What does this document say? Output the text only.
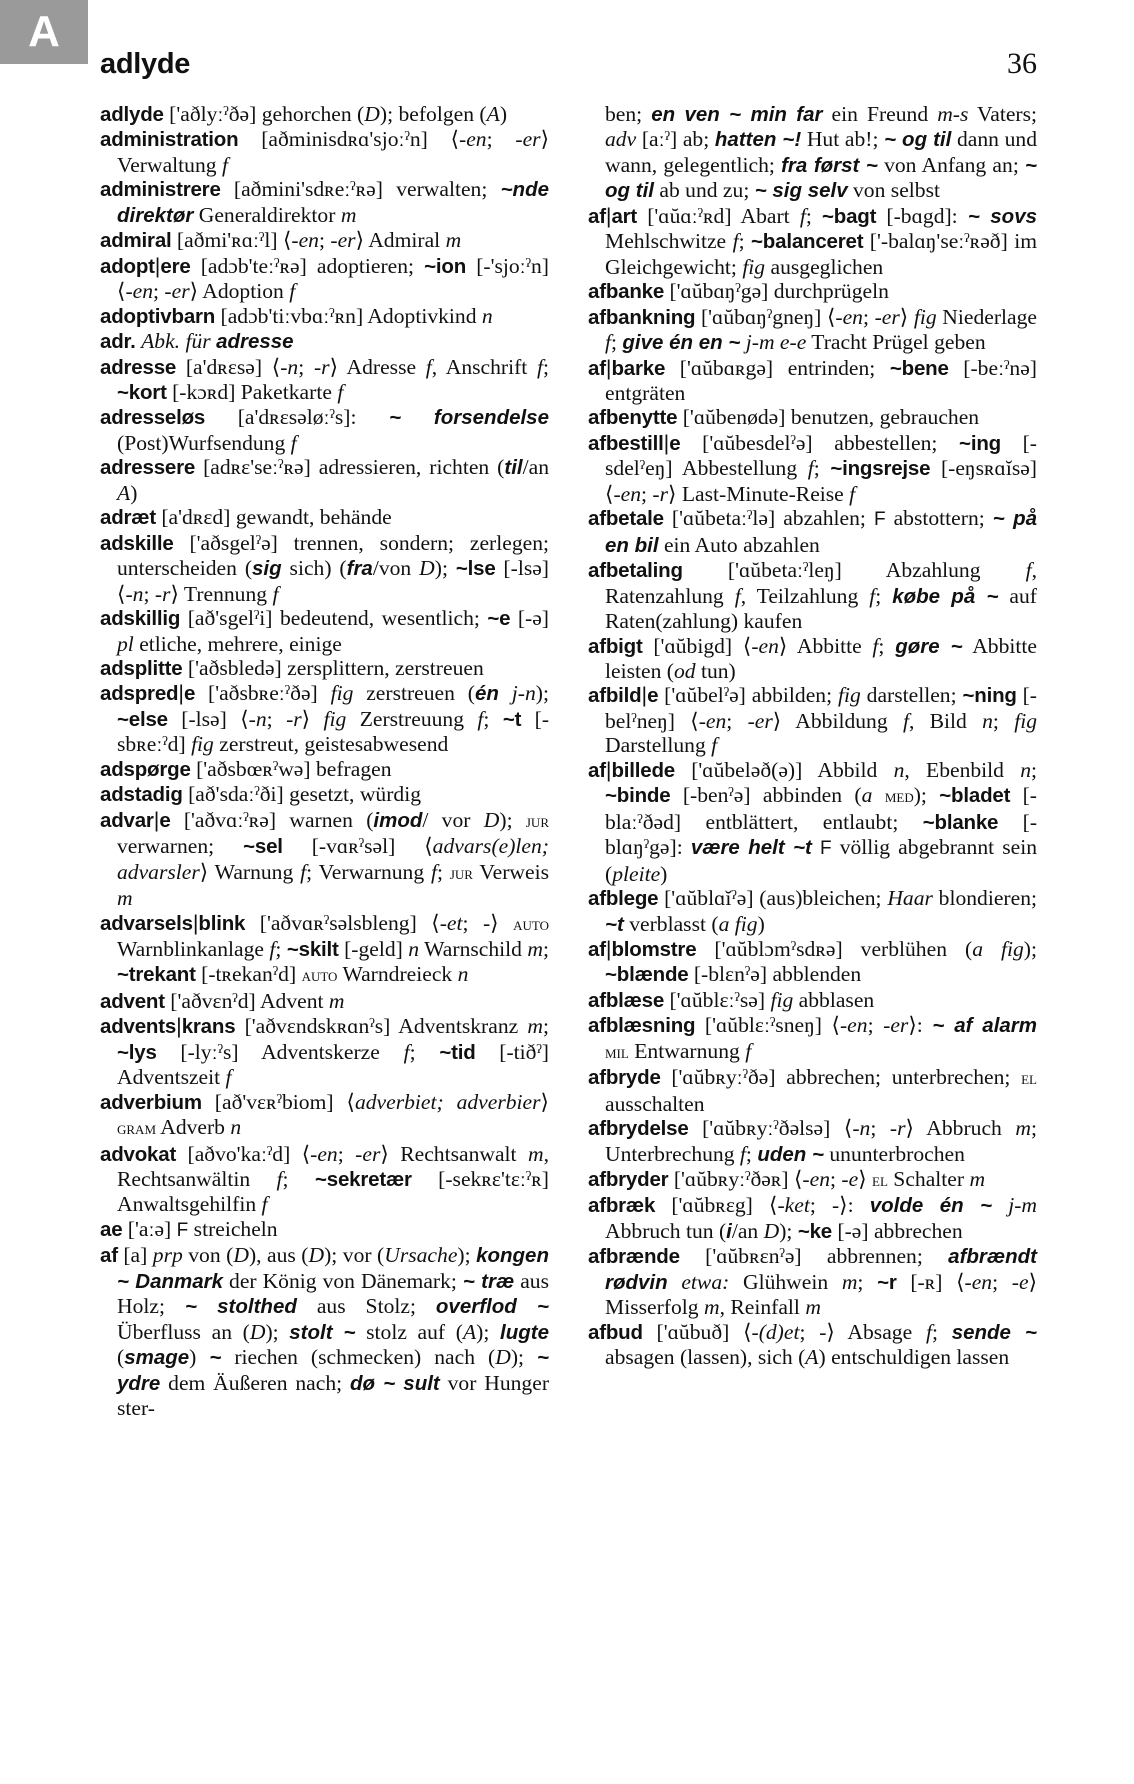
A
adlyde	36

adlyde ['aðlyːˀðə] gehorchen (D); befolgen (A)

administration [aðminisdʀɑ'sjoːˀn] ⟨-en; -er⟩ Verwaltung f

administrere [aðmini'sdʀeːˀʀə] verwalten; ~nde direktør Generaldirektor m

admiral [aðmi'ʀɑːˀl] ⟨-en; -er⟩ Admiral m

adopt|ere [adɔb'teːˀʀə] adoptieren; ~ion [-'sjoːˀn] ⟨-en; -er⟩ Adoption f

adoptivbarn [adɔb'tiːvbɑːˀʀn] Adoptivkind n

adr. Abk. für adresse

adresse [a'dʀɛsə] ⟨-n; -r⟩ Adresse f, Anschrift f; ~kort [-kɔʀd] Paketkarte f

adresseløs [a'dʀɛsəløːˀs]: ~ forsendelse (Post)Wurfsendung f

adressere [adʀɛ'seːˀʀə] adressieren, richten (til/an A)

adræt [a'dʀɛd] gewandt, behände

adskille ['aðsgelˀə] trennen, sondern; zerlegen; unterscheiden (sig sich) (fra/von D); ~lse [-lsə] ⟨-n; -r⟩ Trennung f

adskillig [að'sgelˀi] bedeutend, wesentlich; ~e [-ə] pl etliche, mehrere, einige

adsplitte ['aðsbledə] zersplittern, zerstreuen

adspred|e ['aðsbʀeːˀðə] fig zerstreuen (én j-n); ~else [-lsə] ⟨-n; -r⟩ fig Zerstreuung f; ~t [-sbʀeːˀd] fig zerstreut, geistesabwesend

adspørge ['aðsbœʀˀwə] befragen

adstadig [að'sdaːˀði] gesetzt, würdig

advar|e ['aðvɑːˀʀə] warnen (imod/ vor D); jur verwarnen; ~sel [-vɑʀˀsəl] ⟨advars(e)len; advarsler⟩ Warnung f; Verwarnung f; jur Verweis m

advarsels|blink ['aðvɑʀˀsəlsbleng] ⟨-et; -⟩ auto Warnblinkanlage f; ~skilt [-geld] n Warnschild m; ~trekant [-tʀekanˀd] auto Warndreieck n

advent ['aðvɛnˀd] Advent m

advents|krans ['aðvɛndskʀɑnˀs] Adventskranz m; ~lys [-lyːˀs] Adventskerze f; ~tid [-tiðˀ] Adventszeit f

adverbium [að'vɛʀˀbiom] ⟨adverbiet; adverbier⟩ gram Adverb n

advokat [aðvo'kaːˀd] ⟨-en; -er⟩ Rechtsanwalt m, Rechtsanwältin f; ~sekretær [-sekʀɛ'tɛːˀʀ] Anwaltsgehilfin f

ae ['aːə] F streicheln

af [a] prp von (D), aus (D); vor (Ursache); kongen ~ Danmark der König von Dänemark; ~ træ aus Holz; ~ stolthed aus Stolz; overflod ~ Überfluss an (D); stolt ~ stolz auf (A); lugte (smage) ~ riechen (schmecken) nach (D); ~ ydre dem Äußeren nach; dø ~ sult vor Hunger ster-

ben; en ven ~ min far ein Freund m-s Vaters; adv [aːˀ] ab; hatten ~! Hut ab!; ~ og til dann und wann, gelegentlich; fra først ~ von Anfang an; ~ og til ab und zu; ~ sig selv von selbst

af|art ['ɑŭɑːˀʀd] Abart f; ~bagt [-bɑgd]: ~ sovs Mehlschwitze f; ~balanceret ['-balɑŋ'seːˀʀəð] im Gleichgewicht; fig ausgeglichen

afbanke ['ɑŭbɑŋˀgə] durchprügeln

afbankning ['ɑŭbɑŋˀgneŋ] ⟨-en; -er⟩ fig Niederlage f; give én en ~ j-m e-e Tracht Prügel geben

af|barke ['ɑŭbɑʀgə] entrinden; ~bene [-beːˀnə] entgräten

afbenytte ['ɑŭbenødə] benutzen, gebrauchen

afbestill|e ['ɑŭbesdelˀə] abbestellen; ~ing [-sdelˀeŋ] Abbestellung f; ~ingsrejse [-eŋsʀɑĭsə] ⟨-en; -r⟩ Last-Minute-Reise f

afbetale ['ɑŭbetaːˀlə] abzahlen; F abstottern; ~ på en bil ein Auto abzahlen

afbetaling ['ɑŭbetaːˀleŋ] Abzahlung f, Ratenzahlung f, Teilzahlung f; købe på ~ auf Raten(zahlung) kaufen

afbigt ['ɑŭbigd] ⟨-en⟩ Abbitte f; gøre ~ Abbitte leisten (od tun)

afbild|e ['ɑŭbelˀə] abbilden; fig darstellen; ~ning [-belˀneŋ] ⟨-en; -er⟩ Abbildung f, Bild n; fig Darstellung f

af|billede ['ɑŭbeləð(ə)] Abbild n, Ebenbild n; ~binde [-benˀə] abbinden (a med); ~bladet [-blaːˀðəd] entblättert, entlaubt; ~blanke [-blɑŋˀgə]: være helt ~t F völlig abgebrannt sein (pleite)

afblege ['ɑŭblɑĭˀə] (aus)bleichen; Haar blondieren; ~t verblasst (a fig)

af|blomstre ['ɑŭblɔmˀsdʀə] verblühen (a fig); ~blænde [-blɛnˀə] abblenden

afblæse ['ɑŭblɛːˀsə] fig abblasen

afblæsning ['ɑŭblɛːˀsneŋ] ⟨-en; -er⟩: ~ af alarm mil Entwarnung f

afbryde ['ɑŭbʀyːˀðə] abbrechen; unterbrechen; el ausschalten

afbrydelse ['ɑŭbʀyːˀðəlsə] ⟨-n; -r⟩ Abbruch m; Unterbrechung f; uden ~ ununterbrochen

afbryder ['ɑŭbʀyːˀðəʀ] ⟨-en; -e⟩ el Schalter m

afbræk ['ɑŭbʀɛg] ⟨-ket; -⟩: volde én ~ j-m Abbruch tun (i/an D); ~ke [-ə] abbrechen

afbrænde ['ɑŭbʀɛnˀə] abbrennen; afbrændt rødvin etwa: Glühwein m; ~r [-ʀ] ⟨-en; -e⟩ Misserfolg m, Reinfall m

afbud ['ɑŭbuð] ⟨-(d)et; -⟩ Absage f; sende ~ absagen (lassen), sich (A) entschuldigen lassen
